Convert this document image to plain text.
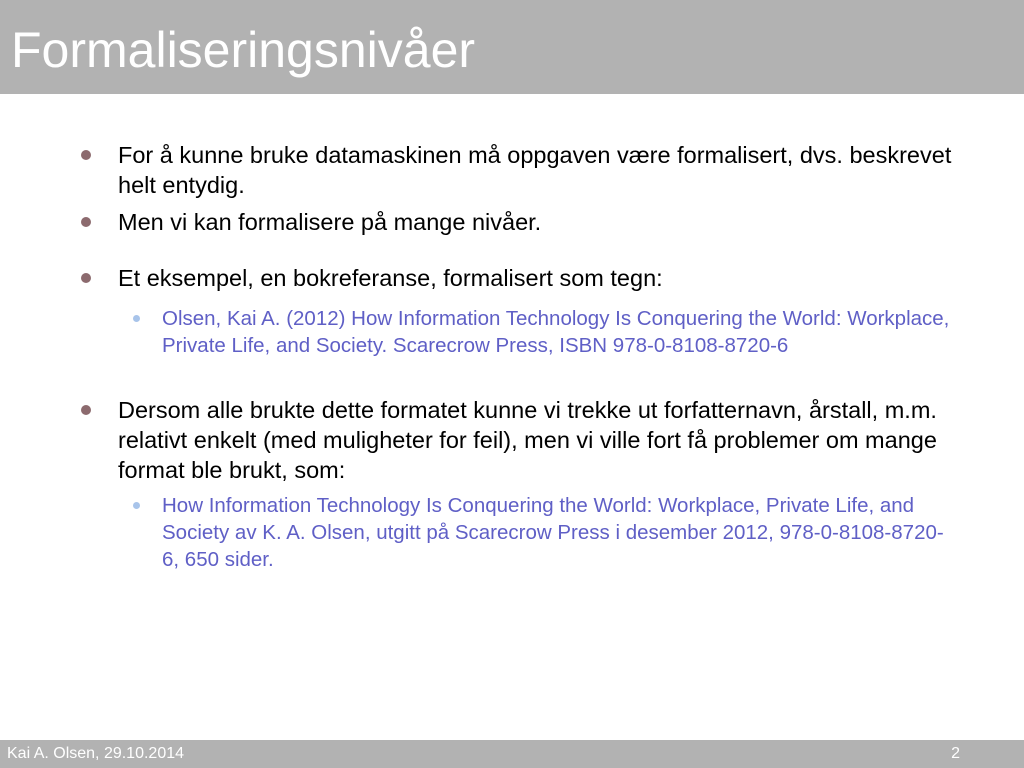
Formaliseringsnivåer
For å kunne bruke datamaskinen må oppgaven være formalisert, dvs. beskrevet helt entydig.
Men vi kan formalisere på mange nivåer.
Et eksempel, en bokreferanse, formalisert som tegn:
Olsen, Kai A. (2012) How Information Technology Is Conquering the World: Workplace, Private Life, and Society. Scarecrow Press, ISBN 978-0-8108-8720-6
Dersom alle brukte dette formatet kunne vi trekke ut forfatternavn, årstall, m.m. relativt enkelt (med muligheter for feil), men vi ville fort få problemer om mange format ble brukt, som:
How Information Technology Is Conquering the World: Workplace, Private Life, and Society av K. A. Olsen, utgitt på Scarecrow Press i desember 2012, 978-0-8108-8720-6, 650 sider.
Kai A. Olsen, 29.10.2014	2
